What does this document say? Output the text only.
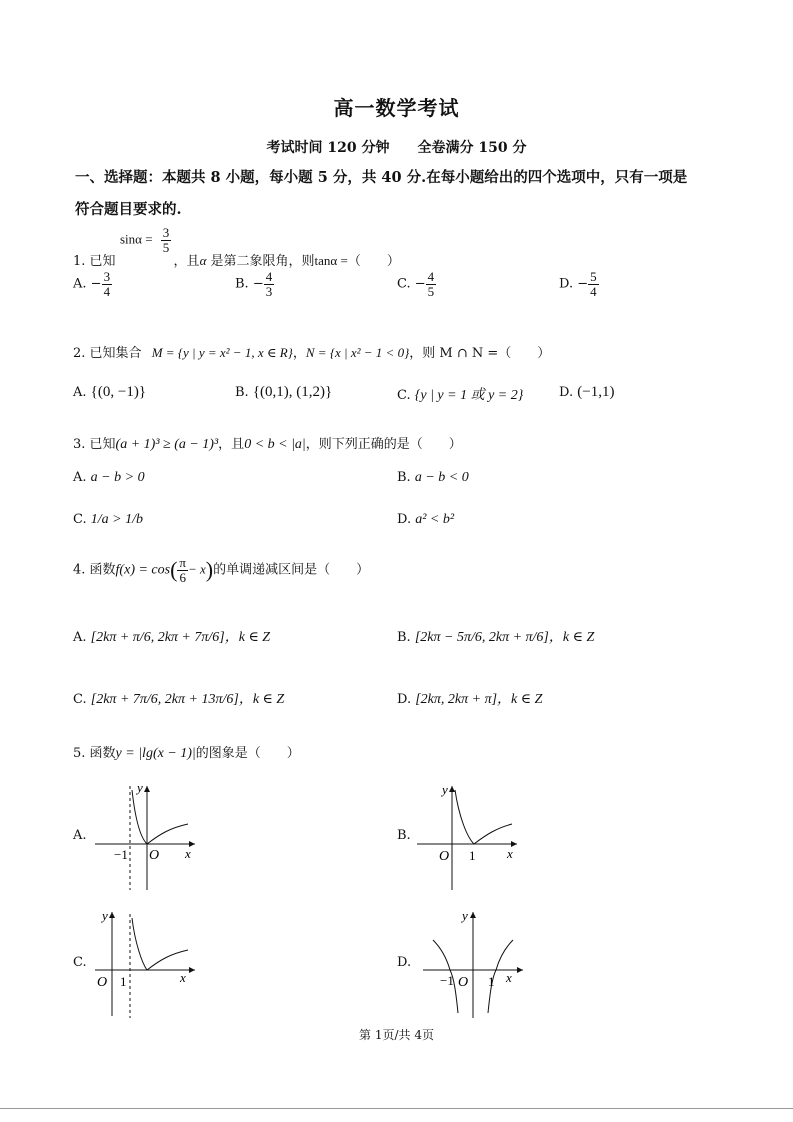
高一数学考试
考试时间 120 分钟　　全卷满分 150 分
一、选择题：本题共 8 小题，每小题 5 分，共 40 分.在每小题给出的四个选项中，只有一项是
符合题目要求的.
$\sin\alpha = \frac{3}{5}$
1. 已知	，且α 是第二象限角，则tanα =（　　）
A. − $\frac{3}{4}$	B. − $\frac{4}{3}$	C. − $\frac{4}{5}$	D. − $\frac{5}{4}$
2. 已知集合 M = {y | y = x² − 1, x ∈ R}，N = {x | x² − 1 < 0}，则 M ∩ N =（　　）
A. {(0, −1)}	B. {(0,1), (1,2)}	C. {y | y = 1 或 y = 2}	D. (−1,1)
3. 已知(a + 1)³ ≥ (a − 1)³，且0 < b < |a|，则下列正确的是（　　）
A. a − b > 0	B. a − b < 0
C. 1/a > 1/b	D. a² < b²
4. 函数$f(x) = \cos( \frac{\pi}{6} - x)$的单调递减区间是（　　）
A. [2kπ + π/6, 2kπ + 7π/6]，k ∈ Z	B. [2kπ − 5π/6, 2kπ + π/6]，k ∈ Z
C. [2kπ + 7π/6, 2kπ + 13π/6]，k ∈ Z	D. [2kπ, 2kπ + π]，k ∈ Z
5. 函数y = |lg(x − 1)|的图象是（　　）
A.
y
x
−1 O
B.
y
x
O 1
C.
y
x
O 1
D.
y
x
−1 O 1
第 1页/共 4页
